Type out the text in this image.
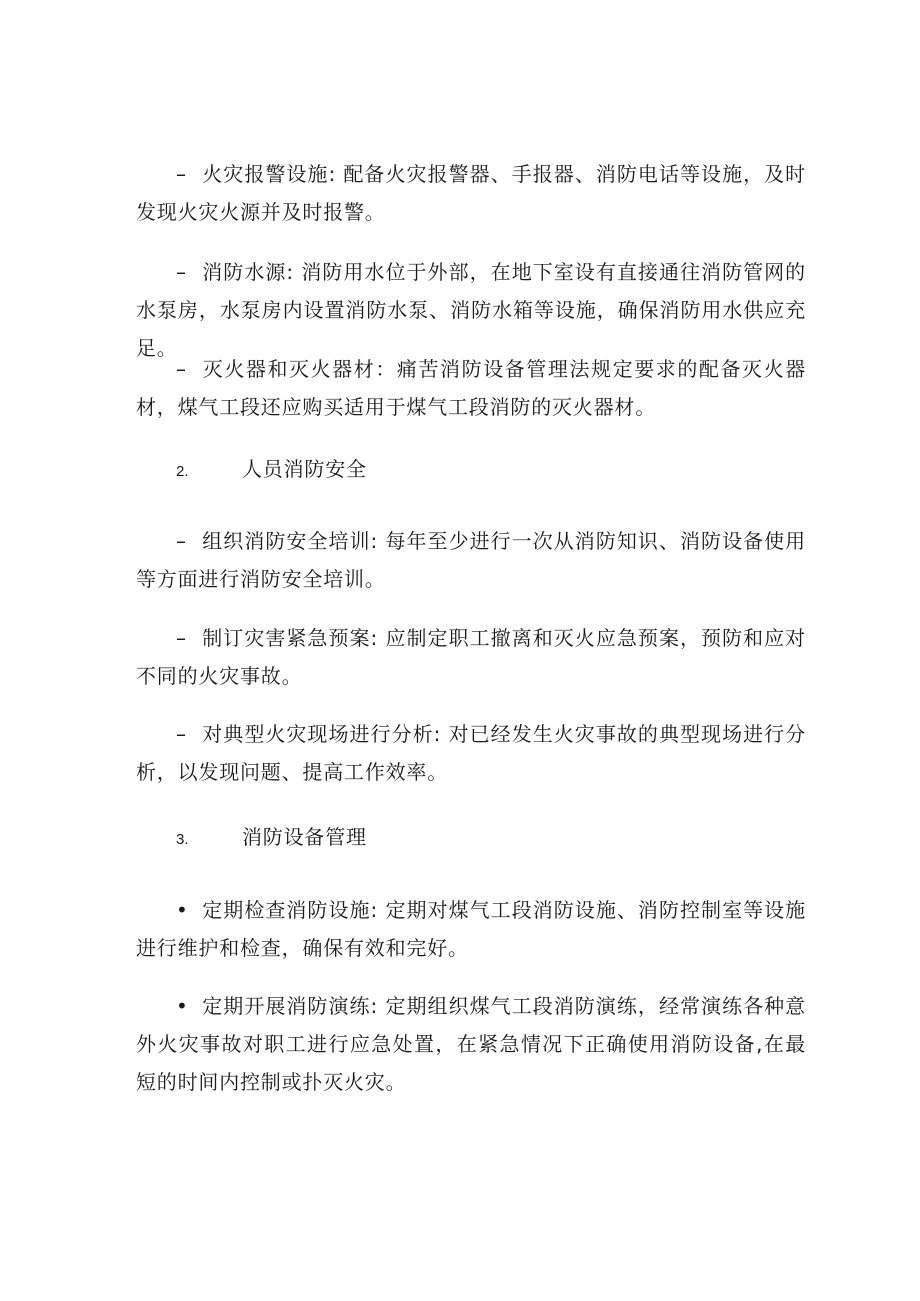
– 火灾报警设施: 配备火灾报警器、手报器、消防电话等设施，及时发现火灾火源并及时报警。

– 消防水源: 消防用水位于外部，在地下室设有直接通往消防管网的水泵房，水泵房内设置消防水泵、消防水箱等设施，确保消防用水供应充足。

– 灭火器和灭火器材：痛苦消防设备管理法规定要求的配备灭火器材，煤气工段还应购买适用于煤气工段消防的灭火器材。

2.	人员消防安全

– 组织消防安全培训: 每年至少进行一次从消防知识、消防设备使用等方面进行消防安全培训。

– 制订灾害紧急预案: 应制定职工撤离和灭火应急预案，预防和应对不同的火灾事故。

– 对典型火灾现场进行分析: 对已经发生火灾事故的典型现场进行分析，以发现问题、提高工作效率。

3.	消防设备管理

• 定期检查消防设施: 定期对煤气工段消防设施、消防控制室等设施进行维护和检查，确保有效和完好。

• 定期开展消防演练: 定期组织煤气工段消防演练，经常演练各种意外火灾事故对职工进行应急处置，在紧急情况下正确使用消防设备,在最短的时间内控制或扑灭火灾。
